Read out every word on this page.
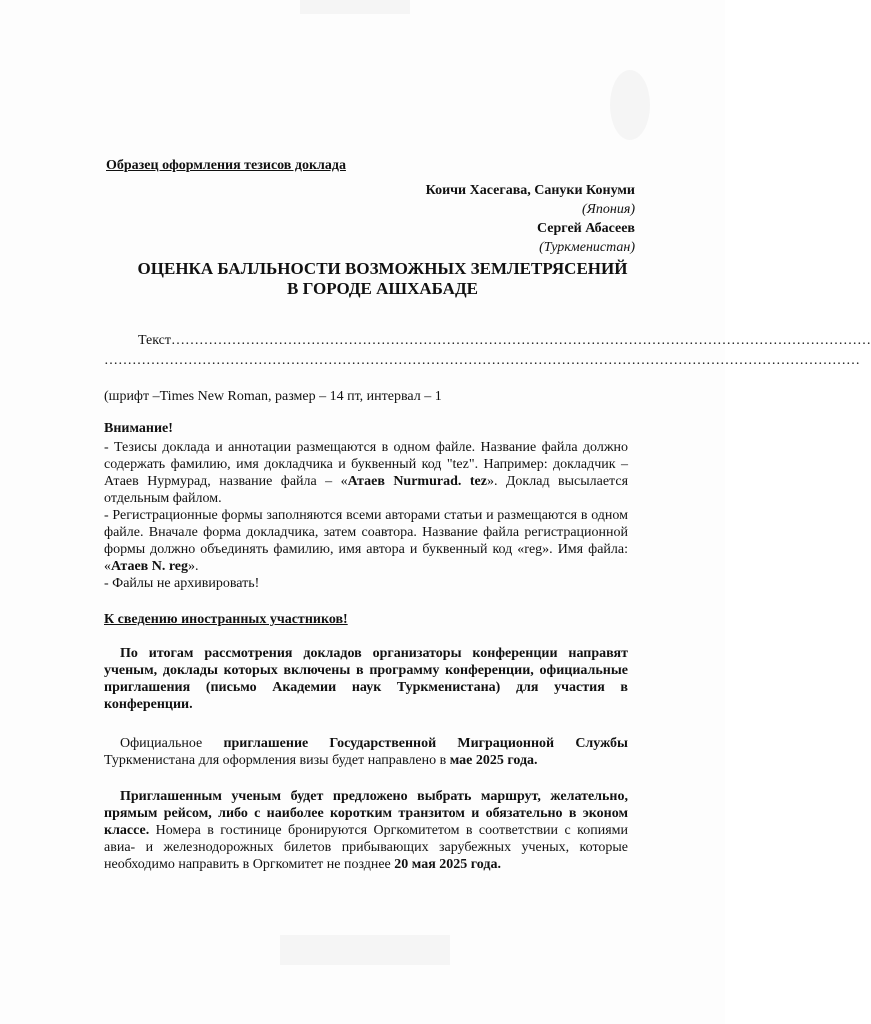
Образец оформления тезисов доклада
Коичи Хасегава, Сануки Конуми
(Япония)
Сергей Абасеев
(Туркменистан)
ОЦЕНКА БАЛЛЬНОСТИ ВОЗМОЖНЫХ ЗЕМЛЕТРЯСЕНИЙ
В ГОРОДЕ АШХАБАДЕ
Текст……………………………………………………………………………………………………………………………………
………………………………………………………………………………………………………………………………………………
(шрифт –Times New Roman, размер – 14 пт, интервал – 1
Внимание!

- Тезисы доклада и аннотации размещаются в одном файле. Название файла должно содержать фамилию, имя докладчика и буквенный код "tez". Например: докладчик –Атаев Нурмурад, название файла – «Атаев Nurmurad. tez». Доклад высылается отдельным файлом.

- Регистрационные формы заполняются всеми авторами статьи и размещаются в одном файле. Вначале форма докладчика, затем соавтора. Название файла регистрационной формы должно объединять фамилию, имя автора и буквенный код «reg». Имя файла: «Атаев N. reg».

- Файлы не архивировать!

К сведению иностранных участников!
По итогам рассмотрения докладов организаторы конференции направят ученым, доклады которых включены в программу конференции, официальные приглашения (письмо Академии наук Туркменистана) для участия в конференции.
Официальное приглашение Государственной Миграционной Службы Туркменистана для оформления визы будет направлено в мае 2025 года.
Приглашенным ученым будет предложено выбрать маршрут, желательно, прямым рейсом, либо с наиболее коротким транзитом и обязательно в эконом классе. Номера в гостинице бронируются Оргкомитетом в соответствии с копиями авиа- и железнодорожных билетов прибывающих зарубежных ученых, которые необходимо направить в Оргкомитет не позднее 20 мая 2025 года.
